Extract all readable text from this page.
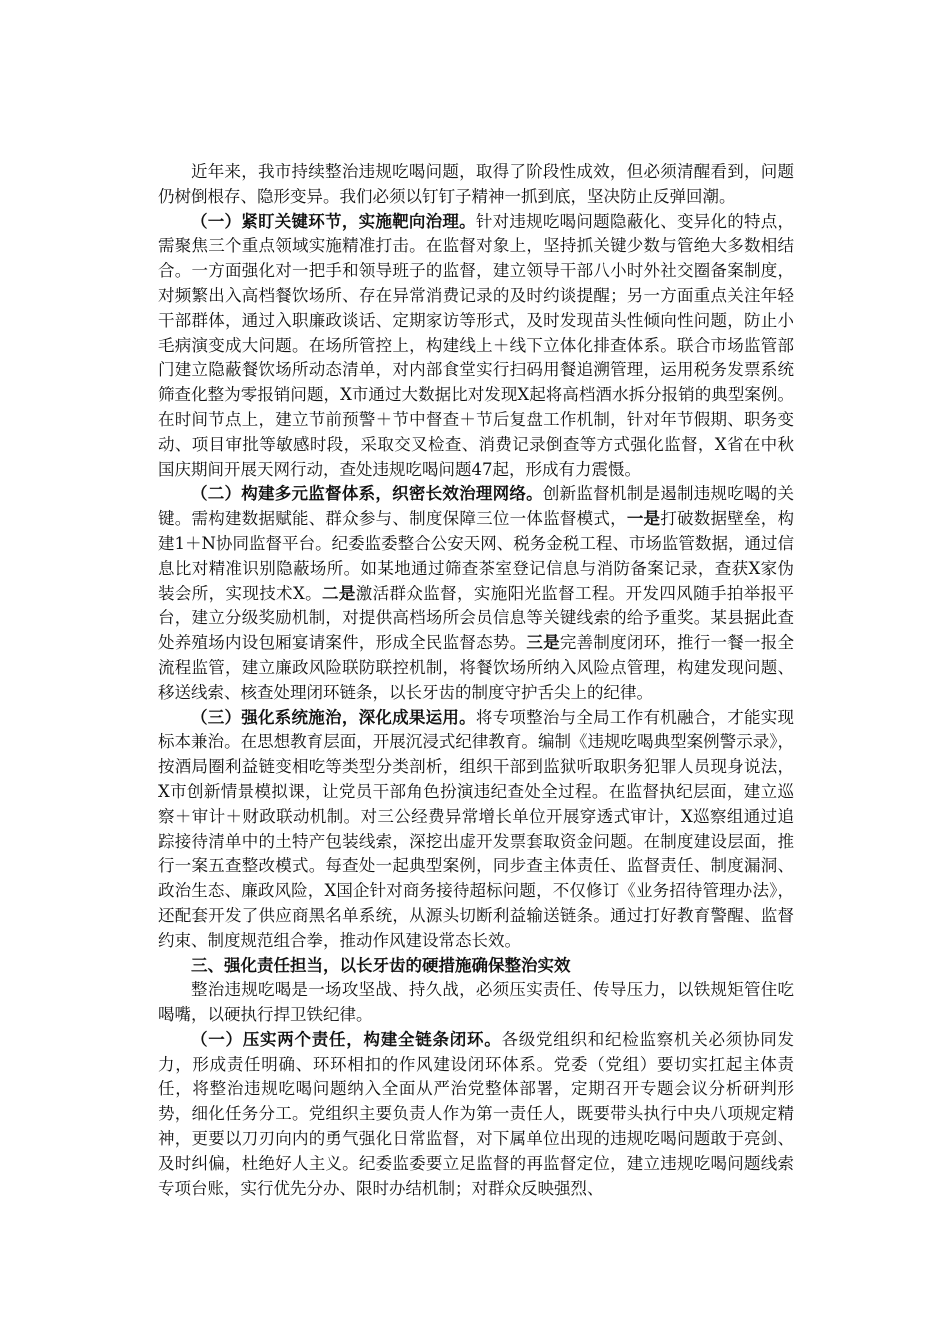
近年来，我市持续整治违规吃喝问题，取得了阶段性成效，但必须清醒看到，问题仍树倒根存、隐形变异。我们必须以钉钉子精神一抓到底，坚决防止反弹回潮。

（一）紧盯关键环节，实施靶向治理。针对违规吃喝问题隐蔽化、变异化的特点，需聚焦三个重点领域实施精准打击。在监督对象上，坚持抓关键少数与管绝大多数相结合。一方面强化对一把手和领导班子的监督，建立领导干部八小时外社交圈备案制度，对频繁出入高档餐饮场所、存在异常消费记录的及时约谈提醒；另一方面重点关注年轻干部群体，通过入职廉政谈话、定期家访等形式，及时发现苗头性倾向性问题，防止小毛病演变成大问题。在场所管控上，构建线上＋线下立体化排查体系。联合市场监管部门建立隐蔽餐饮场所动态清单，对内部食堂实行扫码用餐追溯管理，运用税务发票系统筛查化整为零报销问题，X市通过大数据比对发现X起将高档酒水拆分报销的典型案例。在时间节点上，建立节前预警＋节中督查＋节后复盘工作机制，针对年节假期、职务变动、项目审批等敏感时段，采取交叉检查、消费记录倒查等方式强化监督，X省在中秋国庆期间开展天网行动，查处违规吃喝问题47起，形成有力震慑。

（二）构建多元监督体系，织密长效治理网络。创新监督机制是遏制违规吃喝的关键。需构建数据赋能、群众参与、制度保障三位一体监督模式，一是打破数据壁垒，构建1＋N协同监督平台。纪委监委整合公安天网、税务金税工程、市场监管数据，通过信息比对精准识别隐蔽场所。如某地通过筛查茶室登记信息与消防备案记录，查获X家伪装会所，实现技术X。二是激活群众监督，实施阳光监督工程。开发四风随手拍举报平台，建立分级奖励机制，对提供高档场所会员信息等关键线索的给予重奖。某县据此查处养殖场内设包厢宴请案件，形成全民监督态势。三是完善制度闭环，推行一餐一报全流程监管，建立廉政风险联防联控机制，将餐饮场所纳入风险点管理，构建发现问题、移送线索、核查处理闭环链条，以长牙齿的制度守护舌尖上的纪律。

（三）强化系统施治，深化成果运用。将专项整治与全局工作有机融合，才能实现标本兼治。在思想教育层面，开展沉浸式纪律教育。编制《违规吃喝典型案例警示录》，按酒局圈利益链变相吃等类型分类剖析，组织干部到监狱听取职务犯罪人员现身说法，X市创新情景模拟课，让党员干部角色扮演违纪查处全过程。在监督执纪层面，建立巡察＋审计＋财政联动机制。对三公经费异常增长单位开展穿透式审计，X巡察组通过追踪接待清单中的土特产包装线索，深挖出虚开发票套取资金问题。在制度建设层面，推行一案五查整改模式。每查处一起典型案例，同步查主体责任、监督责任、制度漏洞、政治生态、廉政风险，X国企针对商务接待超标问题，不仅修订《业务招待管理办法》，还配套开发了供应商黑名单系统，从源头切断利益输送链条。通过打好教育警醒、监督约束、制度规范组合拳，推动作风建设常态长效。

三、强化责任担当，以长牙齿的硬措施确保整治实效

整治违规吃喝是一场攻坚战、持久战，必须压实责任、传导压力，以铁规矩管住吃喝嘴，以硬执行捍卫铁纪律。

（一）压实两个责任，构建全链条闭环。各级党组织和纪检监察机关必须协同发力，形成责任明确、环环相扣的作风建设闭环体系。党委（党组）要切实扛起主体责任，将整治违规吃喝问题纳入全面从严治党整体部署，定期召开专题会议分析研判形势，细化任务分工。党组织主要负责人作为第一责任人，既要带头执行中央八项规定精神，更要以刀刃向内的勇气强化日常监督，对下属单位出现的违规吃喝问题敢于亮剑、及时纠偏，杜绝好人主义。纪委监委要立足监督的再监督定位，建立违规吃喝问题线索专项台账，实行优先分办、限时办结机制；对群众反映强烈、
